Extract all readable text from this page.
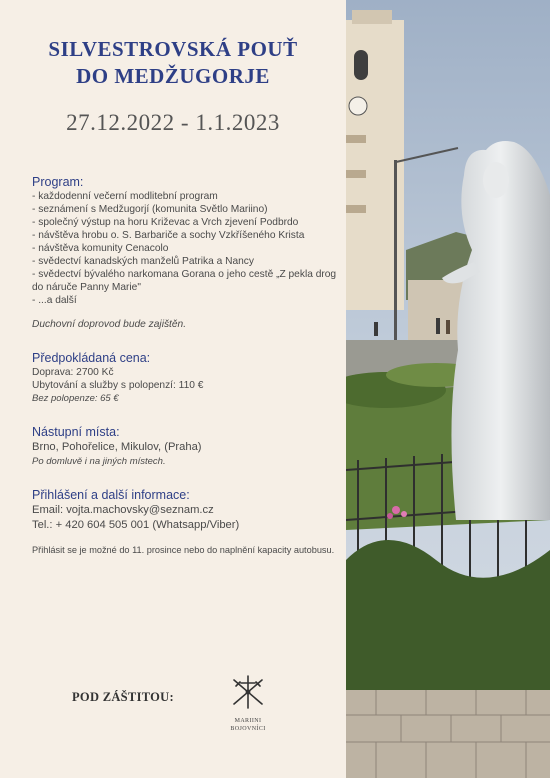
SILVESTROVSKÁ POUŤ
DO MEDŽUGORJE
27.12.2022 - 1.1.2023
Program:
- každodenní večerní modlitební program
- seznámení s Medžugorjí (komunita Světlo Mariino)
- společný výstup na horu Križevac a Vrch zjevení Podbrdo
- návštěva hrobu o. S. Barbariče a sochy Vzkříšeného Krista
- návštěva komunity Cenacolo
- svědectví kanadských manželů Patrika a Nancy
- svědectví bývalého narkomana Gorana o jeho cestě „Z pekla drog do náruče Panny Marie"
- ...a další
Duchovní doprovod bude zajištěn.
Předpokládaná cena:
Doprava: 2700 Kč
Ubytování a služby s polopenzí: 110 €
Bez polopenze: 65 €
Nástupní místa:
Brno, Pohořelice, Mikulov, (Praha)
Po domluvě i na jiných místech.
Přihlášení a další informace:
Email: vojta.machovsky@seznam.cz
Tel.: + 420 604 505 001 (Whatsapp/Viber)
Přihlásit se je možné do 11. prosince nebo do naplnění kapacity autobusu.
POD ZÁŠTITOU:
MARIINI
BOJOVNÍCI
